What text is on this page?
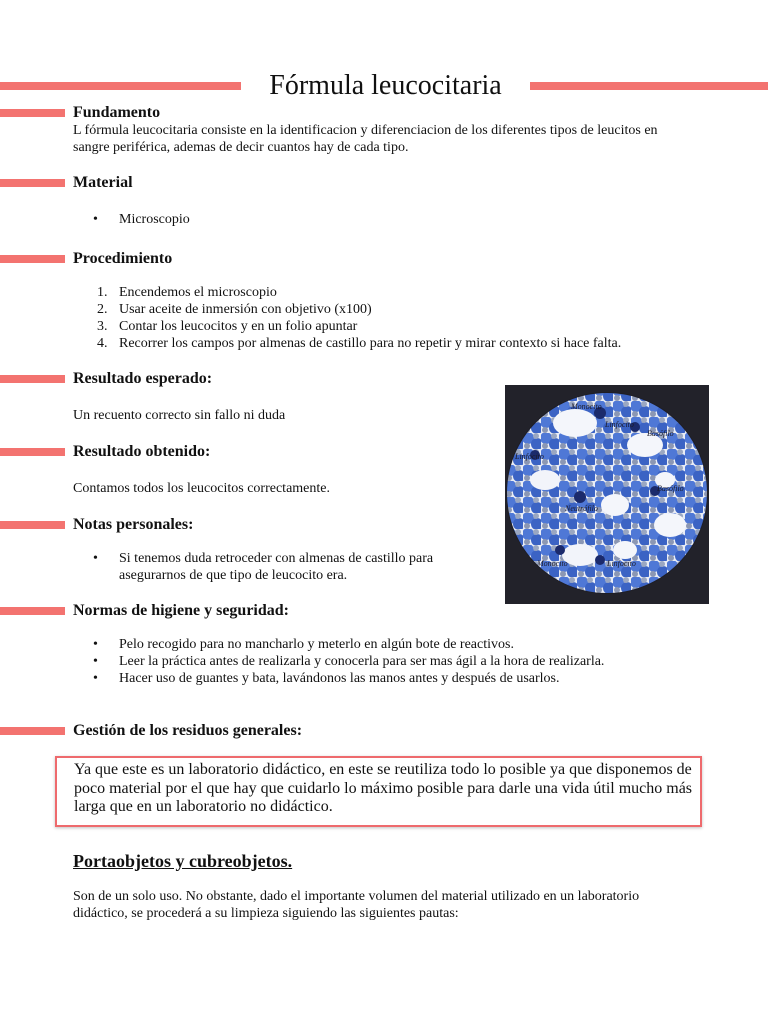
Fórmula leucocitaria
Fundamento
L fórmula leucocitaria consiste en la identificacion y diferenciacion de los diferentes tipos de leucitos en sangre periférica, ademas de decir cuantos hay de cada tipo.
Material
• Microscopio
Procedimiento
1. Encendemos el microscopio
2. Usar aceite de inmersión con objetivo (x100)
3. Contar los leucocitos y en un folio apuntar
4. Recorrer los campos por almenas de castillo para no repetir y mirar contexto si hace falta.
Resultado esperado:
Un recuento correcto sin fallo ni duda
Resultado obtenido:
Contamos todos los leucocitos correctamente.
Notas personales:
• Si tenemos duda retroceder con almenas de castillo para asegurarnos de que tipo de leucocito era.
Monocito
Linfocito
Basófilo
Linfocito
Basófilo
Neutrófilo
Monocito	Linfocito
Normas de higiene y seguridad:
• Pelo recogido para no mancharlo y meterlo en algún bote de reactivos.
• Leer la práctica antes de realizarla y conocerla para ser mas ágil a la hora de realizarla.
• Hacer uso de guantes y bata, lavándonos las manos antes y después de usarlos.
Gestión de los residuos generales:
Ya que este es un laboratorio didáctico, en este se reutiliza todo lo posible ya que disponemos de poco material por el que hay que cuidarlo lo máximo posible para darle una vida útil mucho más larga que en un laboratorio no didáctico.
Portaobjetos y cubreobjetos.
Son de un solo uso. No obstante, dado el importante volumen del material utilizado en un laboratorio didáctico, se procederá a su limpieza siguiendo las siguientes pautas:
